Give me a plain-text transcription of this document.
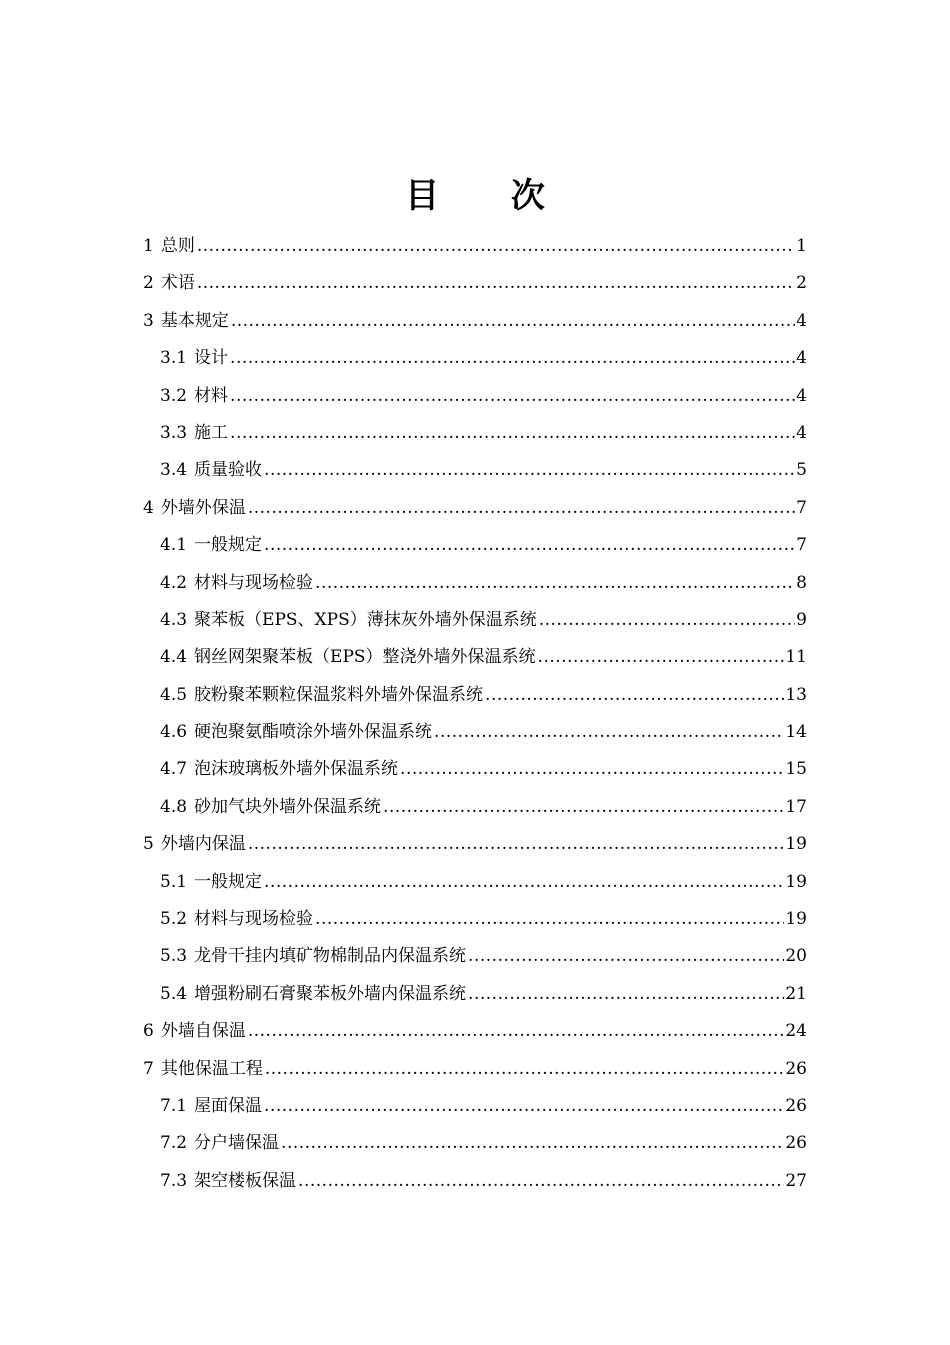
目 次
1 总则 .....	1
2 术语 .....	2
3 基本规定 .....	4
3.1 设计 .....	4
3.2 材料 .....	4
3.3 施工 .....	4
3.4 质量验收 .....	5
4 外墙外保温 .....	7
4.1 一般规定 .....	7
4.2 材料与现场检验 .....	8
4.3 聚苯板（EPS、XPS）薄抹灰外墙外保温系统 .....	9
4.4 钢丝网架聚苯板（EPS）整浇外墙外保温系统 .....	11
4.5 胶粉聚苯颗粒保温浆料外墙外保温系统 .....	13
4.6 硬泡聚氨酯喷涂外墙外保温系统 .....	14
4.7 泡沫玻璃板外墙外保温系统 .....	15
4.8 砂加气块外墙外保温系统 .....	17
5 外墙内保温 .....	19
5.1 一般规定 .....	19
5.2 材料与现场检验 .....	19
5.3 龙骨干挂内填矿物棉制品内保温系统 .....	20
5.4 增强粉刷石膏聚苯板外墙内保温系统 .....	21
6 外墙自保温 .....	24
7 其他保温工程 .....	26
7.1 屋面保温 .....	26
7.2 分户墙保温 .....	26
7.3 架空楼板保温 .....	27
